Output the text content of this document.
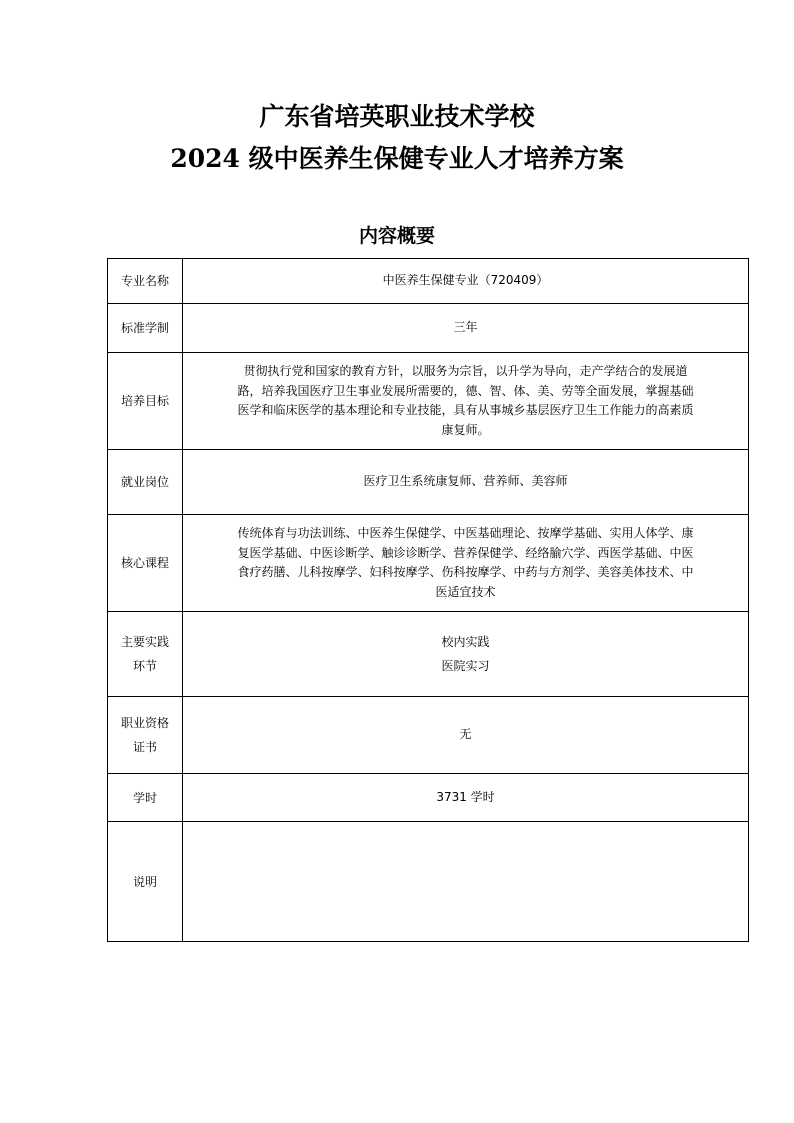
广东省培英职业技术学校
2024 级中医养生保健专业人才培养方案
内容概要
专业名称	中医养生保健专业（720409）
标准学制	三年
培养目标	贯彻执行党和国家的教育方针，以服务为宗旨，以升学为导向，走产学结合的发展道
路，培养我国医疗卫生事业发展所需要的，德、智、体、美、劳等全面发展，掌握基础
医学和临床医学的基本理论和专业技能，具有从事城乡基层医疗卫生工作能力的高素质
康复师。

就业岗位	医疗卫生系统康复师、营养师、美容师
核心课程	传统体育与功法训练、中医养生保健学、中医基础理论、按摩学基础、实用人体学、康
复医学基础、中医诊断学、触诊诊断学、营养保健学、经络腧穴学、西医学基础、中医
食疗药膳、儿科按摩学、妇科按摩学、伤科按摩学、中药与方剂学、美容美体技术、中
医适宜技术

主要实践
环节	校内实践
医院实习

职业资格
证书	无
学时	3731 学时
说明	
